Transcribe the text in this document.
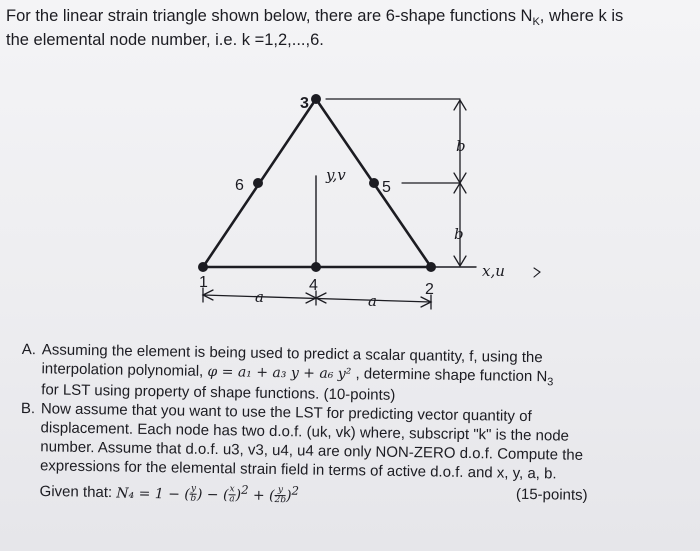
For the linear strain triangle shown below, there are 6-shape functions $N_K$, where k is
the elemental node number, i.e. k =1,2,...,6.
1	2
3
4
5
6
y,v
x,u
a	a
b
b
A. Assuming the element is being used to predict a scalar quantity, f, using the
interpolation polynomial, φ = a₁ + a₃ y + a₆ y² , determine shape function $N_3$
for LST using property of shape functions. (10-points)
B. Now assume that you want to use the LST for predicting vector quantity of
displacement. Each node has two d.o.f. (uk, vk) where, subscript "k" is the node
number. Assume that d.o.f. u3, v3, u4, u4 are only NON-ZERO d.o.f. Compute the
expressions for the elemental strain field in terms of active d.o.f. and x, y, a, b.
Given that: N₄ = 1 − ( $\frac{y}{b}$ ) − ( $\frac{x}{a} )^2$ + ( $\frac{y}{2b} )^2$	(15-points)
